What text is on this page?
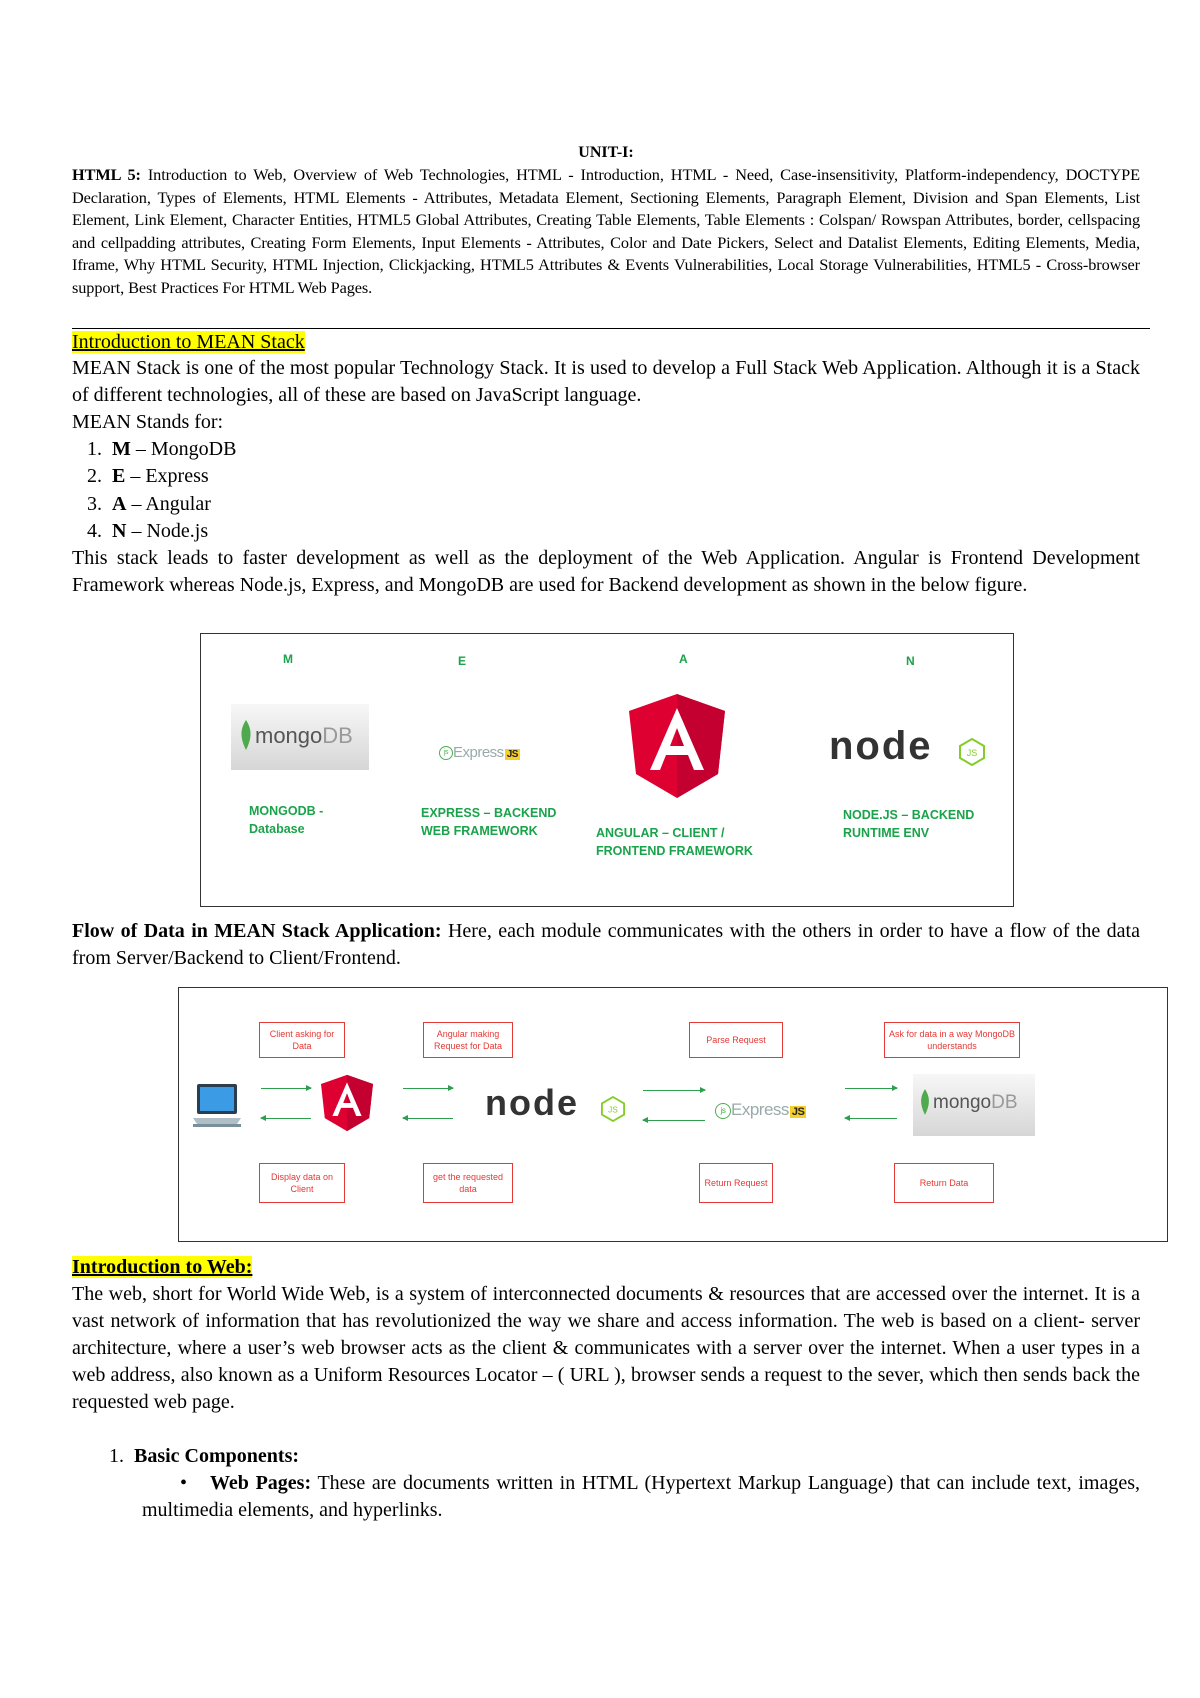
UNIT-I:
HTML 5: Introduction to Web, Overview of Web Technologies, HTML - Introduction, HTML - Need, Case-insensitivity, Platform-independency, DOCTYPE Declaration, Types of Elements, HTML Elements - Attributes, Metadata Element, Sectioning Elements, Paragraph Element, Division and Span Elements, List Element, Link Element, Character Entities, HTML5 Global Attributes, Creating Table Elements, Table Elements : Colspan/ Rowspan Attributes, border, cellspacing and cellpadding attributes, Creating Form Elements, Input Elements - Attributes, Color and Date Pickers, Select and Datalist Elements, Editing Elements, Media, Iframe, Why HTML Security, HTML Injection, Clickjacking, HTML5 Attributes & Events Vulnerabilities, Local Storage Vulnerabilities, HTML5 - Cross-browser support, Best Practices For HTML Web Pages.
Introduction to MEAN Stack
MEAN Stack is one of the most popular Technology Stack. It is used to develop a Full Stack Web Application. Although it is a Stack of different technologies, all of these are based on JavaScript language.
MEAN Stands for:
1. M – MongoDB
2. E – Express
3. A – Angular
4. N – Node.js
This stack leads to faster development as well as the deployment of the Web Application. Angular is Frontend Development Framework whereas Node.js, Express, and MongoDB are used for Backend development as shown in the below figure.
M	E	A	N
mongoDB
MONGODB -
Database
js Express JS
EXPRESS – BACKEND
WEB FRAMEWORK	ANGULAR – CLIENT /
FRONTEND FRAMEWORK
node	JS
NODE.JS – BACKEND
RUNTIME ENV
Flow of Data in MEAN Stack Application: Here, each module communicates with the others in order to have a flow of the data from Server/Backend to Client/Frontend.
Client asking for Data
Angular making Request for Data
Parse Request
Ask for data in a way MongoDB understands
Display data on Client
get the requested data
Return Request	Return Data
node	JS	js Express JS	mongoDB
Introduction to Web:
The web, short for World Wide Web, is a system of interconnected documents & resources that are accessed over the internet. It is a vast network of information that has revolutionized the way we share and access information. The web is based on a client- server architecture, where a user’s web browser acts as the client & communicates with a server over the internet. When a user types in a web address, also known as a Uniform Resources Locator – ( URL ), browser sends a request to the sever, which then sends back the requested web page.
1. Basic Components:
• Web Pages: These are documents written in HTML (Hypertext Markup Language) that can include text, images, multimedia elements, and hyperlinks.
